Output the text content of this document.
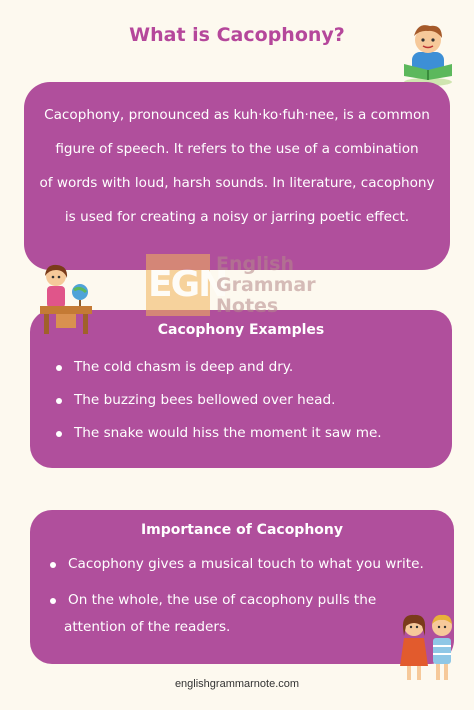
What is Cacophony?

Cacophony, pronounced as kuh·ko·fuh·nee, is a common

figure of speech. It refers to the use of a combination

of words with loud, harsh sounds. In literature, cacophony

is used for creating a noisy or jarring poetic effect.

Cacophony Examples
The cold chasm is deep and dry.
The buzzing bees bellowed over head.
The snake would hiss the moment it saw me.
EGN
English
Grammar
Notes
Importance of Cacophony
Cacophony gives a musical touch to what you write.
On the whole, the use of cacophony pulls the
attention of the readers.
englishgrammarnote.com
